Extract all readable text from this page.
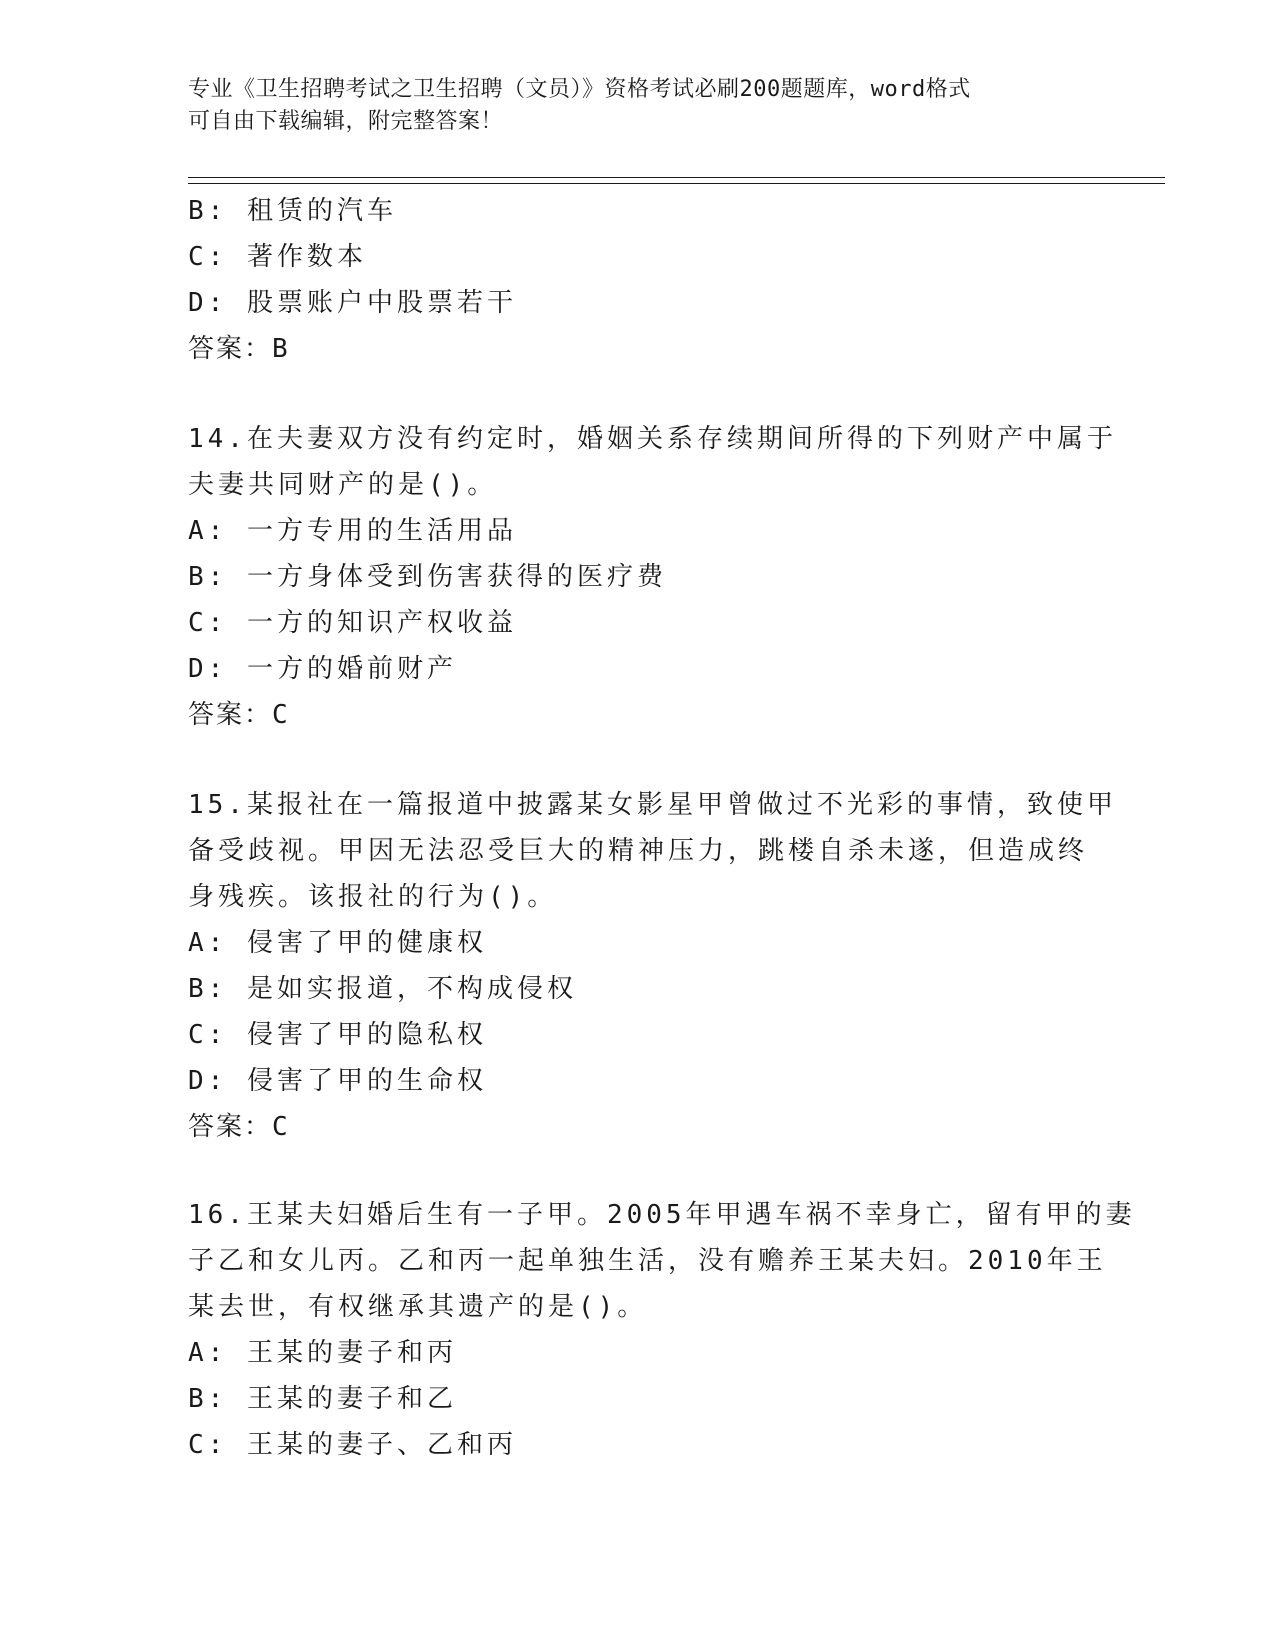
专业《卫生招聘考试之卫生招聘（文员）》资格考试必刷200题题库，word格式
可自由下载编辑，附完整答案！
B: 租赁的汽车
C: 著作数本
D: 股票账户中股票若干
答案：B
14.在夫妻双方没有约定时，婚姻关系存续期间所得的下列财产中属于
夫妻共同财产的是()。
A: 一方专用的生活用品
B: 一方身体受到伤害获得的医疗费
C: 一方的知识产权收益
D: 一方的婚前财产
答案：C
15.某报社在一篇报道中披露某女影星甲曾做过不光彩的事情，致使甲
备受歧视。甲因无法忍受巨大的精神压力，跳楼自杀未遂，但造成终
身残疾。该报社的行为()。
A: 侵害了甲的健康权
B: 是如实报道，不构成侵权
C: 侵害了甲的隐私权
D: 侵害了甲的生命权
答案：C
16.王某夫妇婚后生有一子甲。2005年甲遇车祸不幸身亡，留有甲的妻
子乙和女儿丙。乙和丙一起单独生活，没有赡养王某夫妇。2010年王
某去世，有权继承其遗产的是()。
A: 王某的妻子和丙
B: 王某的妻子和乙
C: 王某的妻子、乙和丙
